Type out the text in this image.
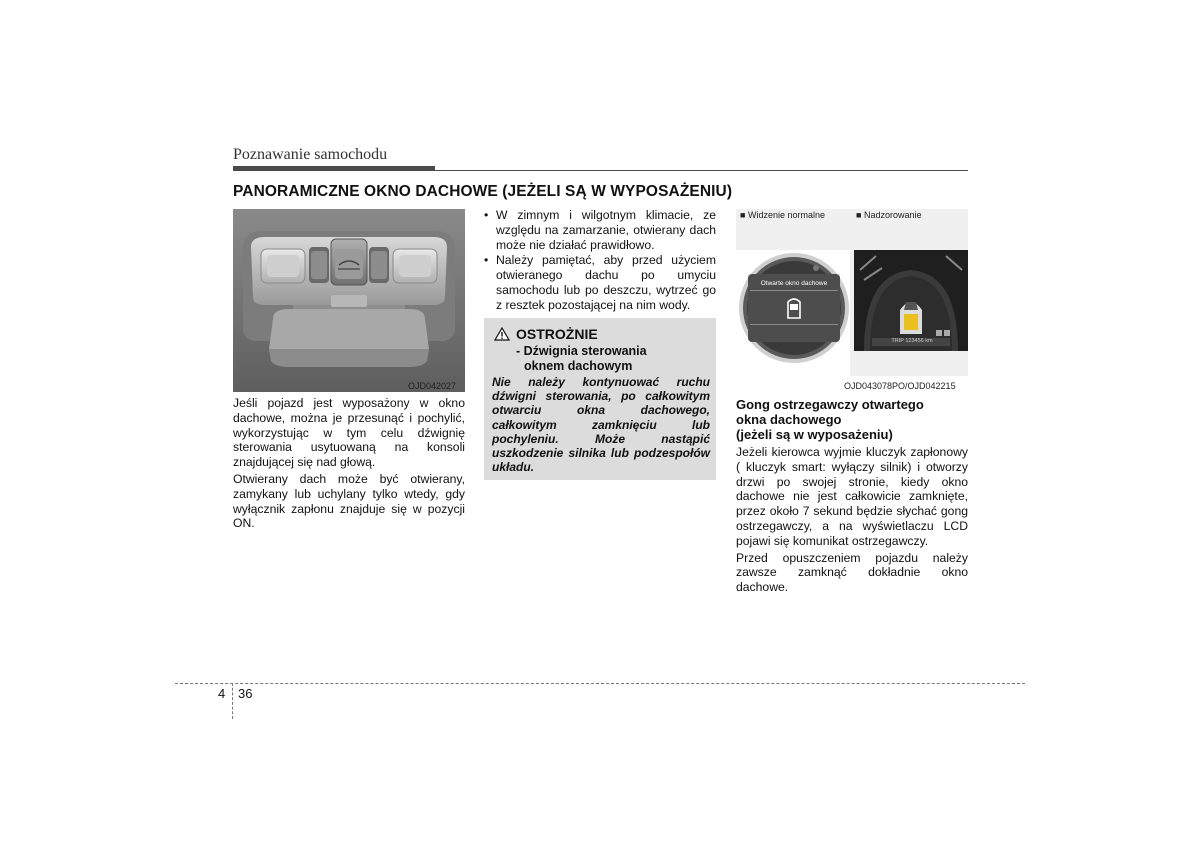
Poznawanie samochodu
PANORAMICZNE OKNO DACHOWE (JEŻELI SĄ W WYPOSAŻENIU)
OJD042027

Jeśli pojazd jest wyposażony w okno dachowe, można je przesunąć i pochylić, wykorzystując w tym celu dźwignię sterowania usytuowaną na konsoli znajdującej się nad głową.

Otwierany dach może być otwierany, zamykany lub uchylany tylko wtedy, gdy wyłącznik zapłonu znajduje się w pozycji ON.

• W zimnym i wilgotnym klimacie, ze względu na zamarzanie, otwierany dach może nie działać prawidłowo.
• Należy pamiętać, aby przed użyciem otwieranego dachu po umyciu samochodu lub po deszczu, wytrzeć go z resztek pozostającej na nim wody.
OSTROŻNIE
- Dźwignia sterowania
oknem dachowym
Nie należy kontynuować ruchu dźwigni sterowania, po całkowitym otwarciu okna dachowego, całkowitym zamknięciu lub pochyleniu. Może nastąpić uszkodzenie silnika lub podzespołów układu.
■ Widzenie normalne	■ Nadzorowanie
Otwarte okno dachowe
TRIP 123456 km
OJD043078PO/OJD042215
Gong ostrzegawczy otwartego
okna dachowego
(jeżeli są w wyposażeniu)

Jeżeli kierowca wyjmie kluczyk zapłonowy ( kluczyk smart: wyłączy silnik) i otworzy drzwi po swojej stronie, kiedy okno dachowe nie jest całkowicie zamknięte, przez około 7 sekund będzie słychać gong ostrzegawczy, a na wyświetlaczu LCD pojawi się komunikat ostrzegawczy.

Przed opuszczeniem pojazdu należy zawsze zamknąć dokładnie okno dachowe.

4 36
